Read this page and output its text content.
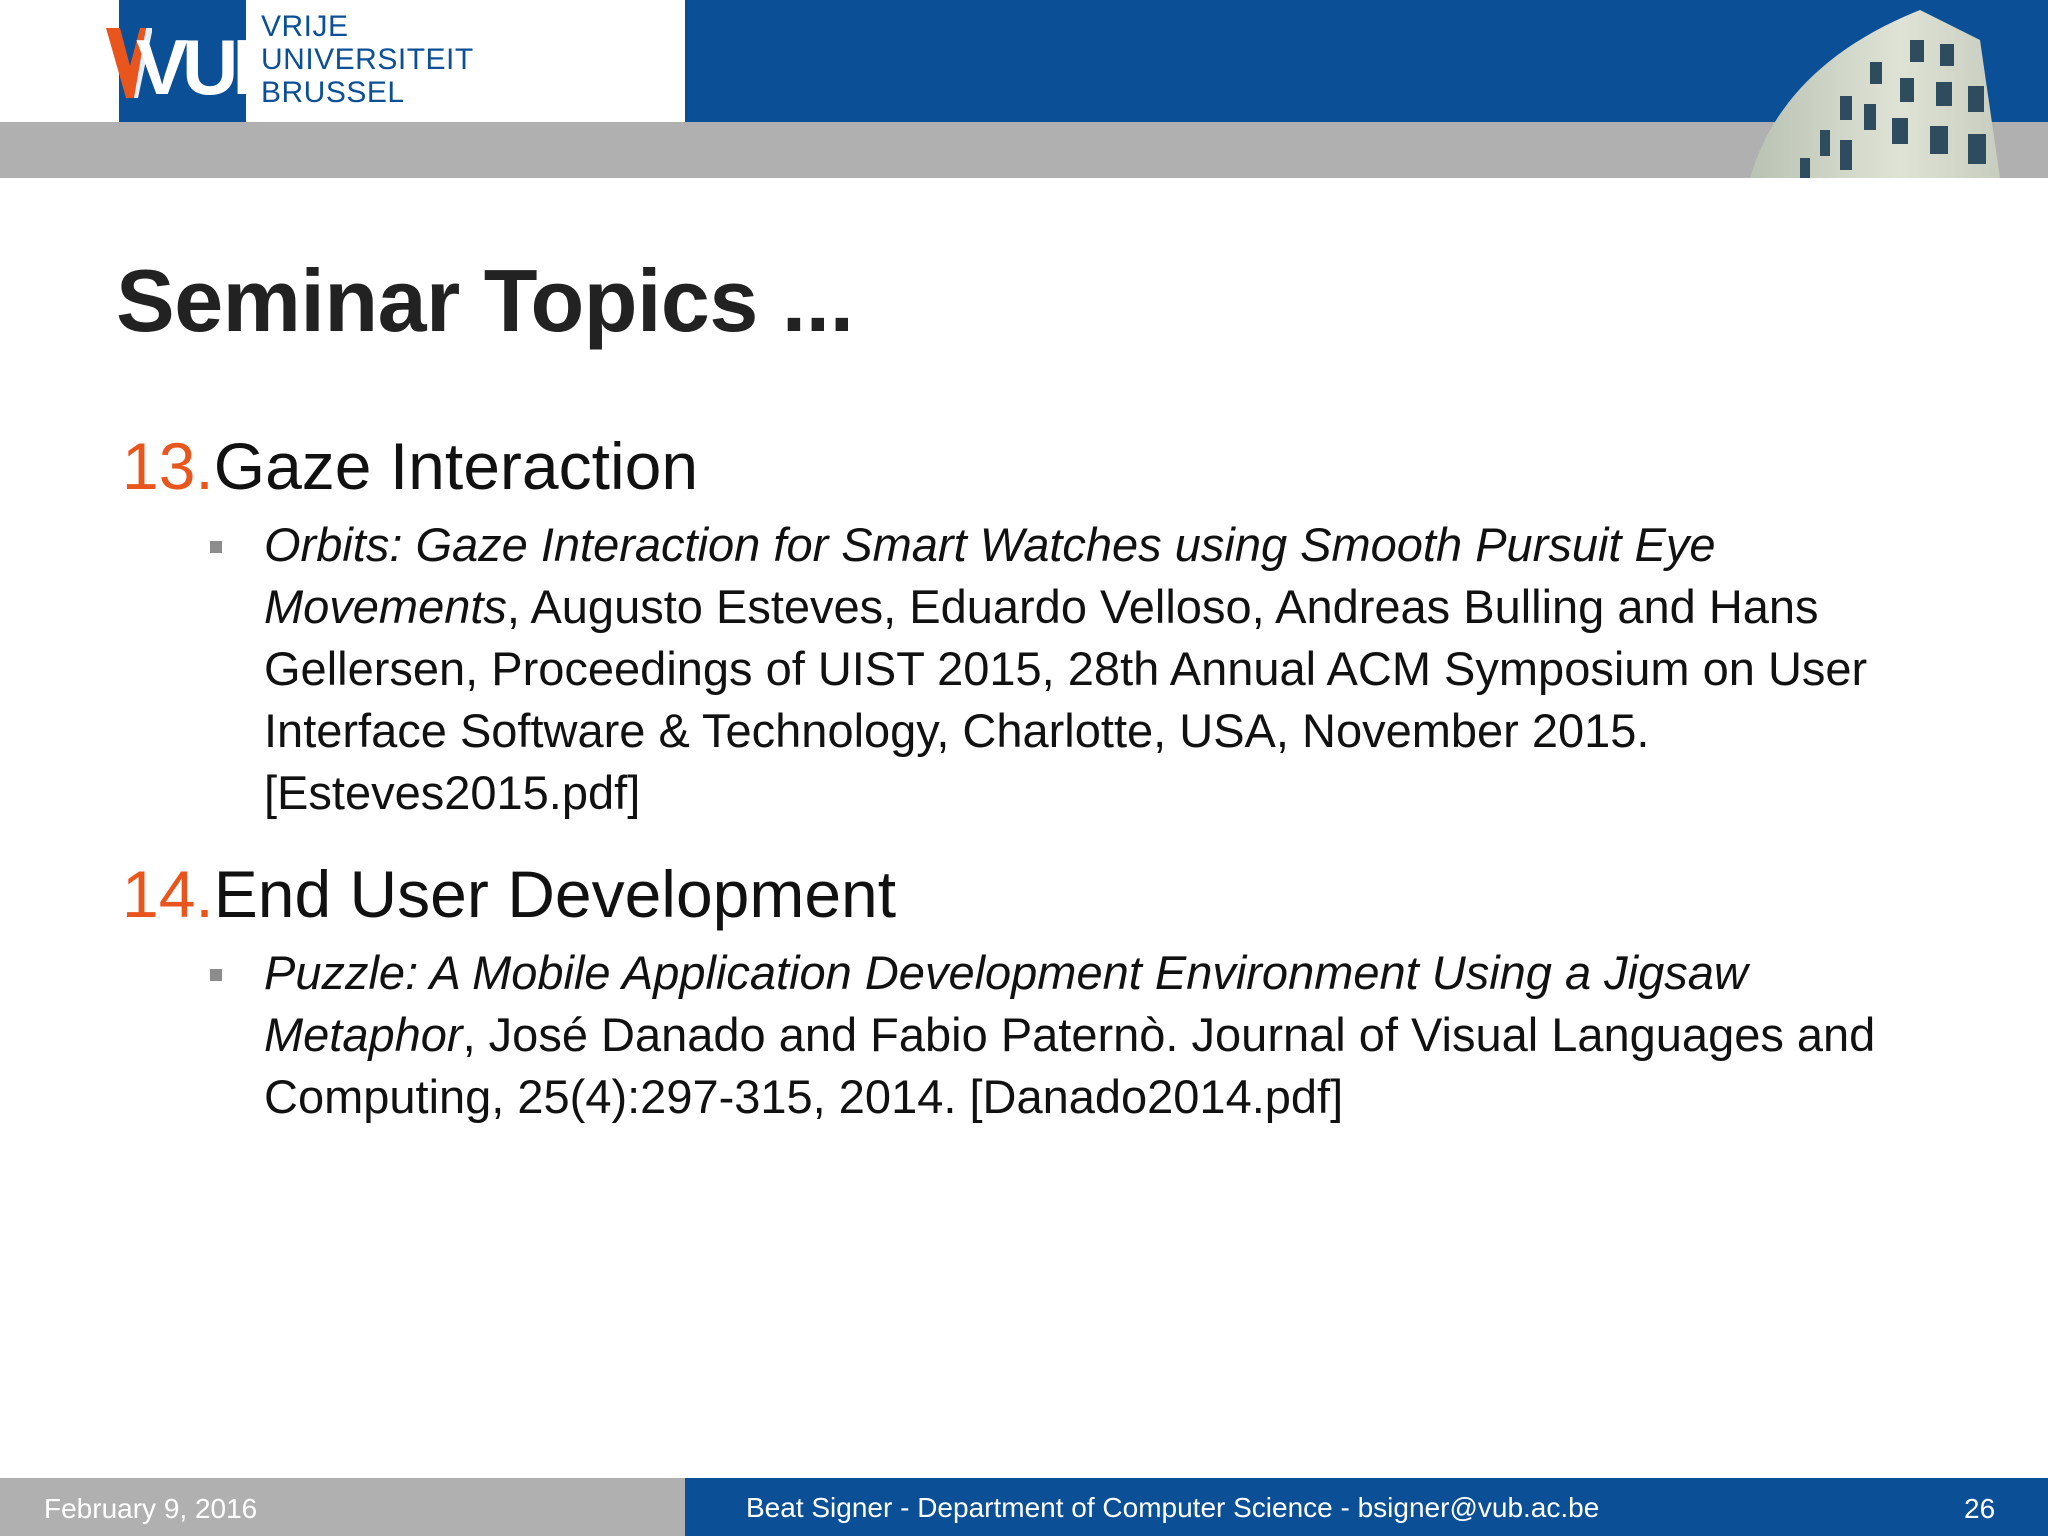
VUB
VRIJE
UNIVERSITEIT
BRUSSEL
Seminar Topics ...
13.Gaze Interaction
Orbits: Gaze Interaction for Smart Watches using Smooth Pursuit Eye Movements, Augusto Esteves, Eduardo Velloso, Andreas Bulling and Hans Gellersen, Proceedings of UIST 2015, 28th Annual ACM Symposium on User Interface Software & Technology, Charlotte, USA, November 2015. [Esteves2015.pdf]
14.End User Development
Puzzle: A Mobile Application Development Environment Using a Jigsaw Metaphor, José Danado and Fabio Paternò. Journal of Visual Languages and Computing, 25(4):297-315, 2014. [Danado2014.pdf]
February 9, 2016	Beat Signer - Department of Computer Science - bsigner@vub.ac.be	26
